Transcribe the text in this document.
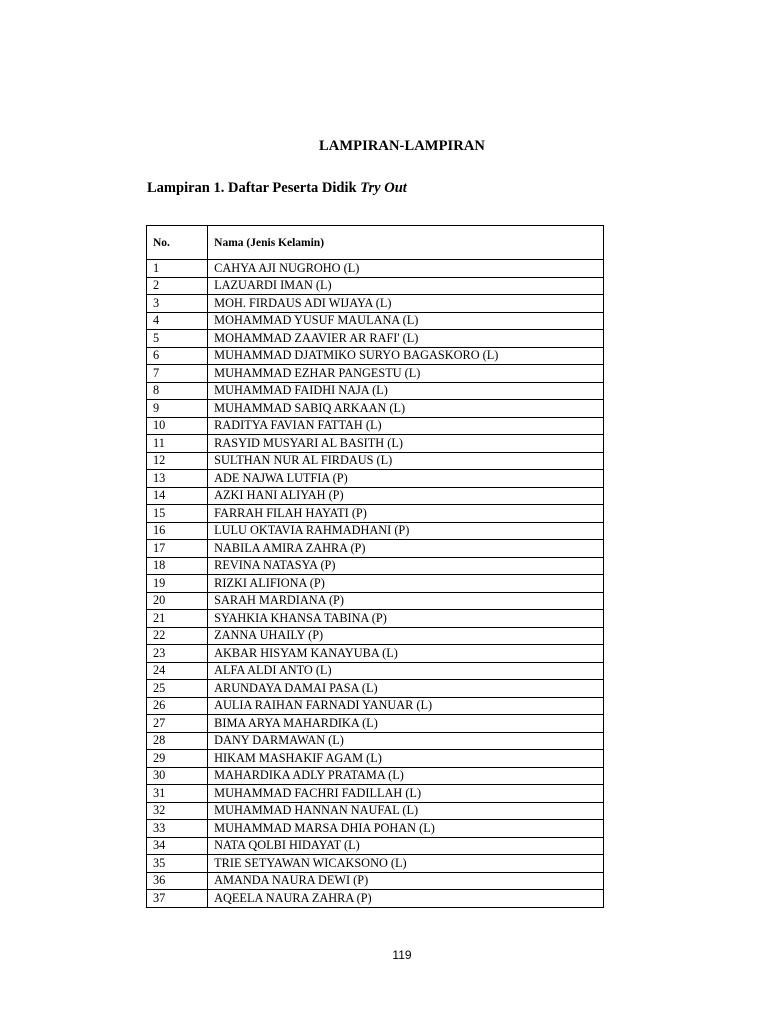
LAMPIRAN-LAMPIRAN
Lampiran 1. Daftar Peserta Didik Try Out
No.	Nama (Jenis Kelamin)
1	CAHYA AJI NUGROHO (L)
2	LAZUARDI IMAN (L)
3	MOH. FIRDAUS ADI WIJAYA (L)
4	MOHAMMAD YUSUF MAULANA (L)
5	MOHAMMAD ZAAVIER AR RAFI' (L)
6	MUHAMMAD DJATMIKO SURYO BAGASKORO (L)
7	MUHAMMAD EZHAR PANGESTU (L)
8	MUHAMMAD FAIDHI NAJA (L)
9	MUHAMMAD SABIQ ARKAAN (L)
10	RADITYA FAVIAN FATTAH (L)
11	RASYID MUSYARI AL BASITH (L)
12	SULTHAN NUR AL FIRDAUS (L)
13	ADE NAJWA LUTFIA (P)
14	AZKI HANI ALIYAH (P)
15	FARRAH FILAH HAYATI (P)
16	LULU OKTAVIA RAHMADHANI (P)
17	NABILA AMIRA ZAHRA (P)
18	REVINA NATASYA (P)
19	RIZKI ALIFIONA (P)
20	SARAH MARDIANA (P)
21	SYAHKIA KHANSA TABINA (P)
22	ZANNA UHAILY (P)
23	AKBAR HISYAM KANAYUBA (L)
24	ALFA ALDI ANTO (L)
25	ARUNDAYA DAMAI PASA (L)
26	AULIA RAIHAN FARNADI YANUAR (L)
27	BIMA ARYA MAHARDIKA (L)
28	DANY DARMAWAN (L)
29	HIKAM MASHAKIF AGAM (L)
30	MAHARDIKA ADLY PRATAMA (L)
31	MUHAMMAD FACHRI FADILLAH (L)
32	MUHAMMAD HANNAN NAUFAL (L)
33	MUHAMMAD MARSA DHIA POHAN (L)
34	NATA QOLBI HIDAYAT (L)
35	TRIE SETYAWAN WICAKSONO (L)
36	AMANDA NAURA DEWI (P)
37	AQEELA NAURA ZAHRA (P)
119
